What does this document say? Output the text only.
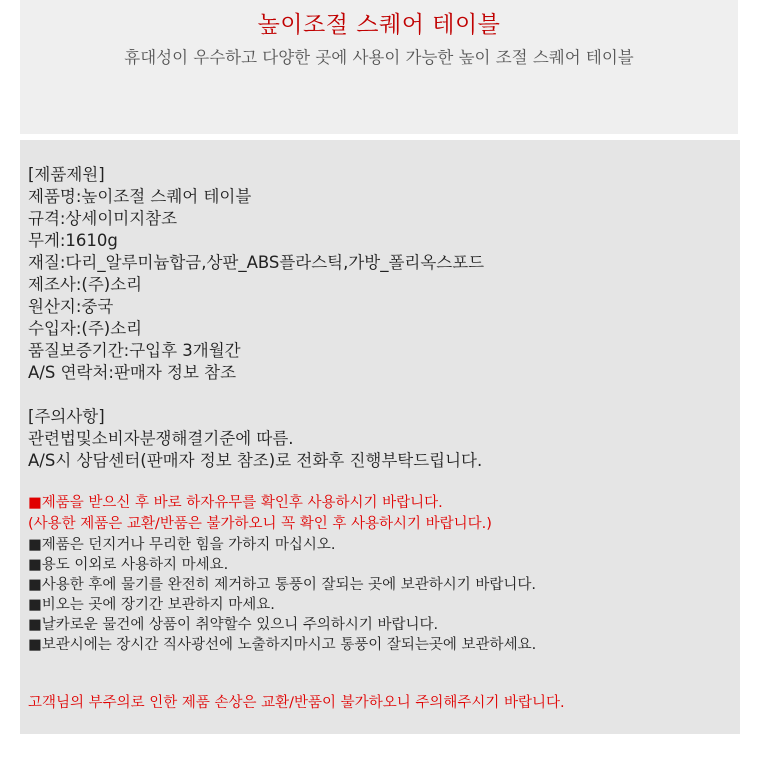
높이조절 스퀘어 테이블
휴대성이 우수하고 다양한 곳에 사용이 가능한 높이 조절 스퀘어 테이블
[제품제원]
제품명:높이조절 스퀘어 테이블
규격:상세이미지참조
무게:1610g
재질:다리_알루미늄합금,상판_ABS플라스틱,가방_폴리옥스포드
제조사:(주)소리
원산지:중국
수입자:(주)소리
품질보증기간:구입후 3개월간
A/S 연락처:판매자 정보 참조
[주의사항]
관련법및소비자분쟁해결기준에 따름.
A/S시 상담센터(판매자 정보 참조)로 전화후 진행부탁드립니다.
■제품을 받으신 후 바로 하자유무를 확인후 사용하시기 바랍니다.
(사용한 제품은 교환/반품은 불가하오니 꼭 확인 후 사용하시기 바랍니다.)
■제품은 던지거나 무리한 힘을 가하지 마십시오.
■용도 이외로 사용하지 마세요.
■사용한 후에 물기를 완전히 제거하고 통풍이 잘되는 곳에 보관하시기 바랍니다.
■비오는 곳에 장기간 보관하지 마세요.
■날카로운 물건에 상품이 취약할수 있으니 주의하시기 바랍니다.
■보관시에는 장시간 직사광선에 노출하지마시고 통풍이 잘되는곳에 보관하세요.
고객님의 부주의로 인한 제품 손상은 교환/반품이 불가하오니 주의해주시기 바랍니다.
